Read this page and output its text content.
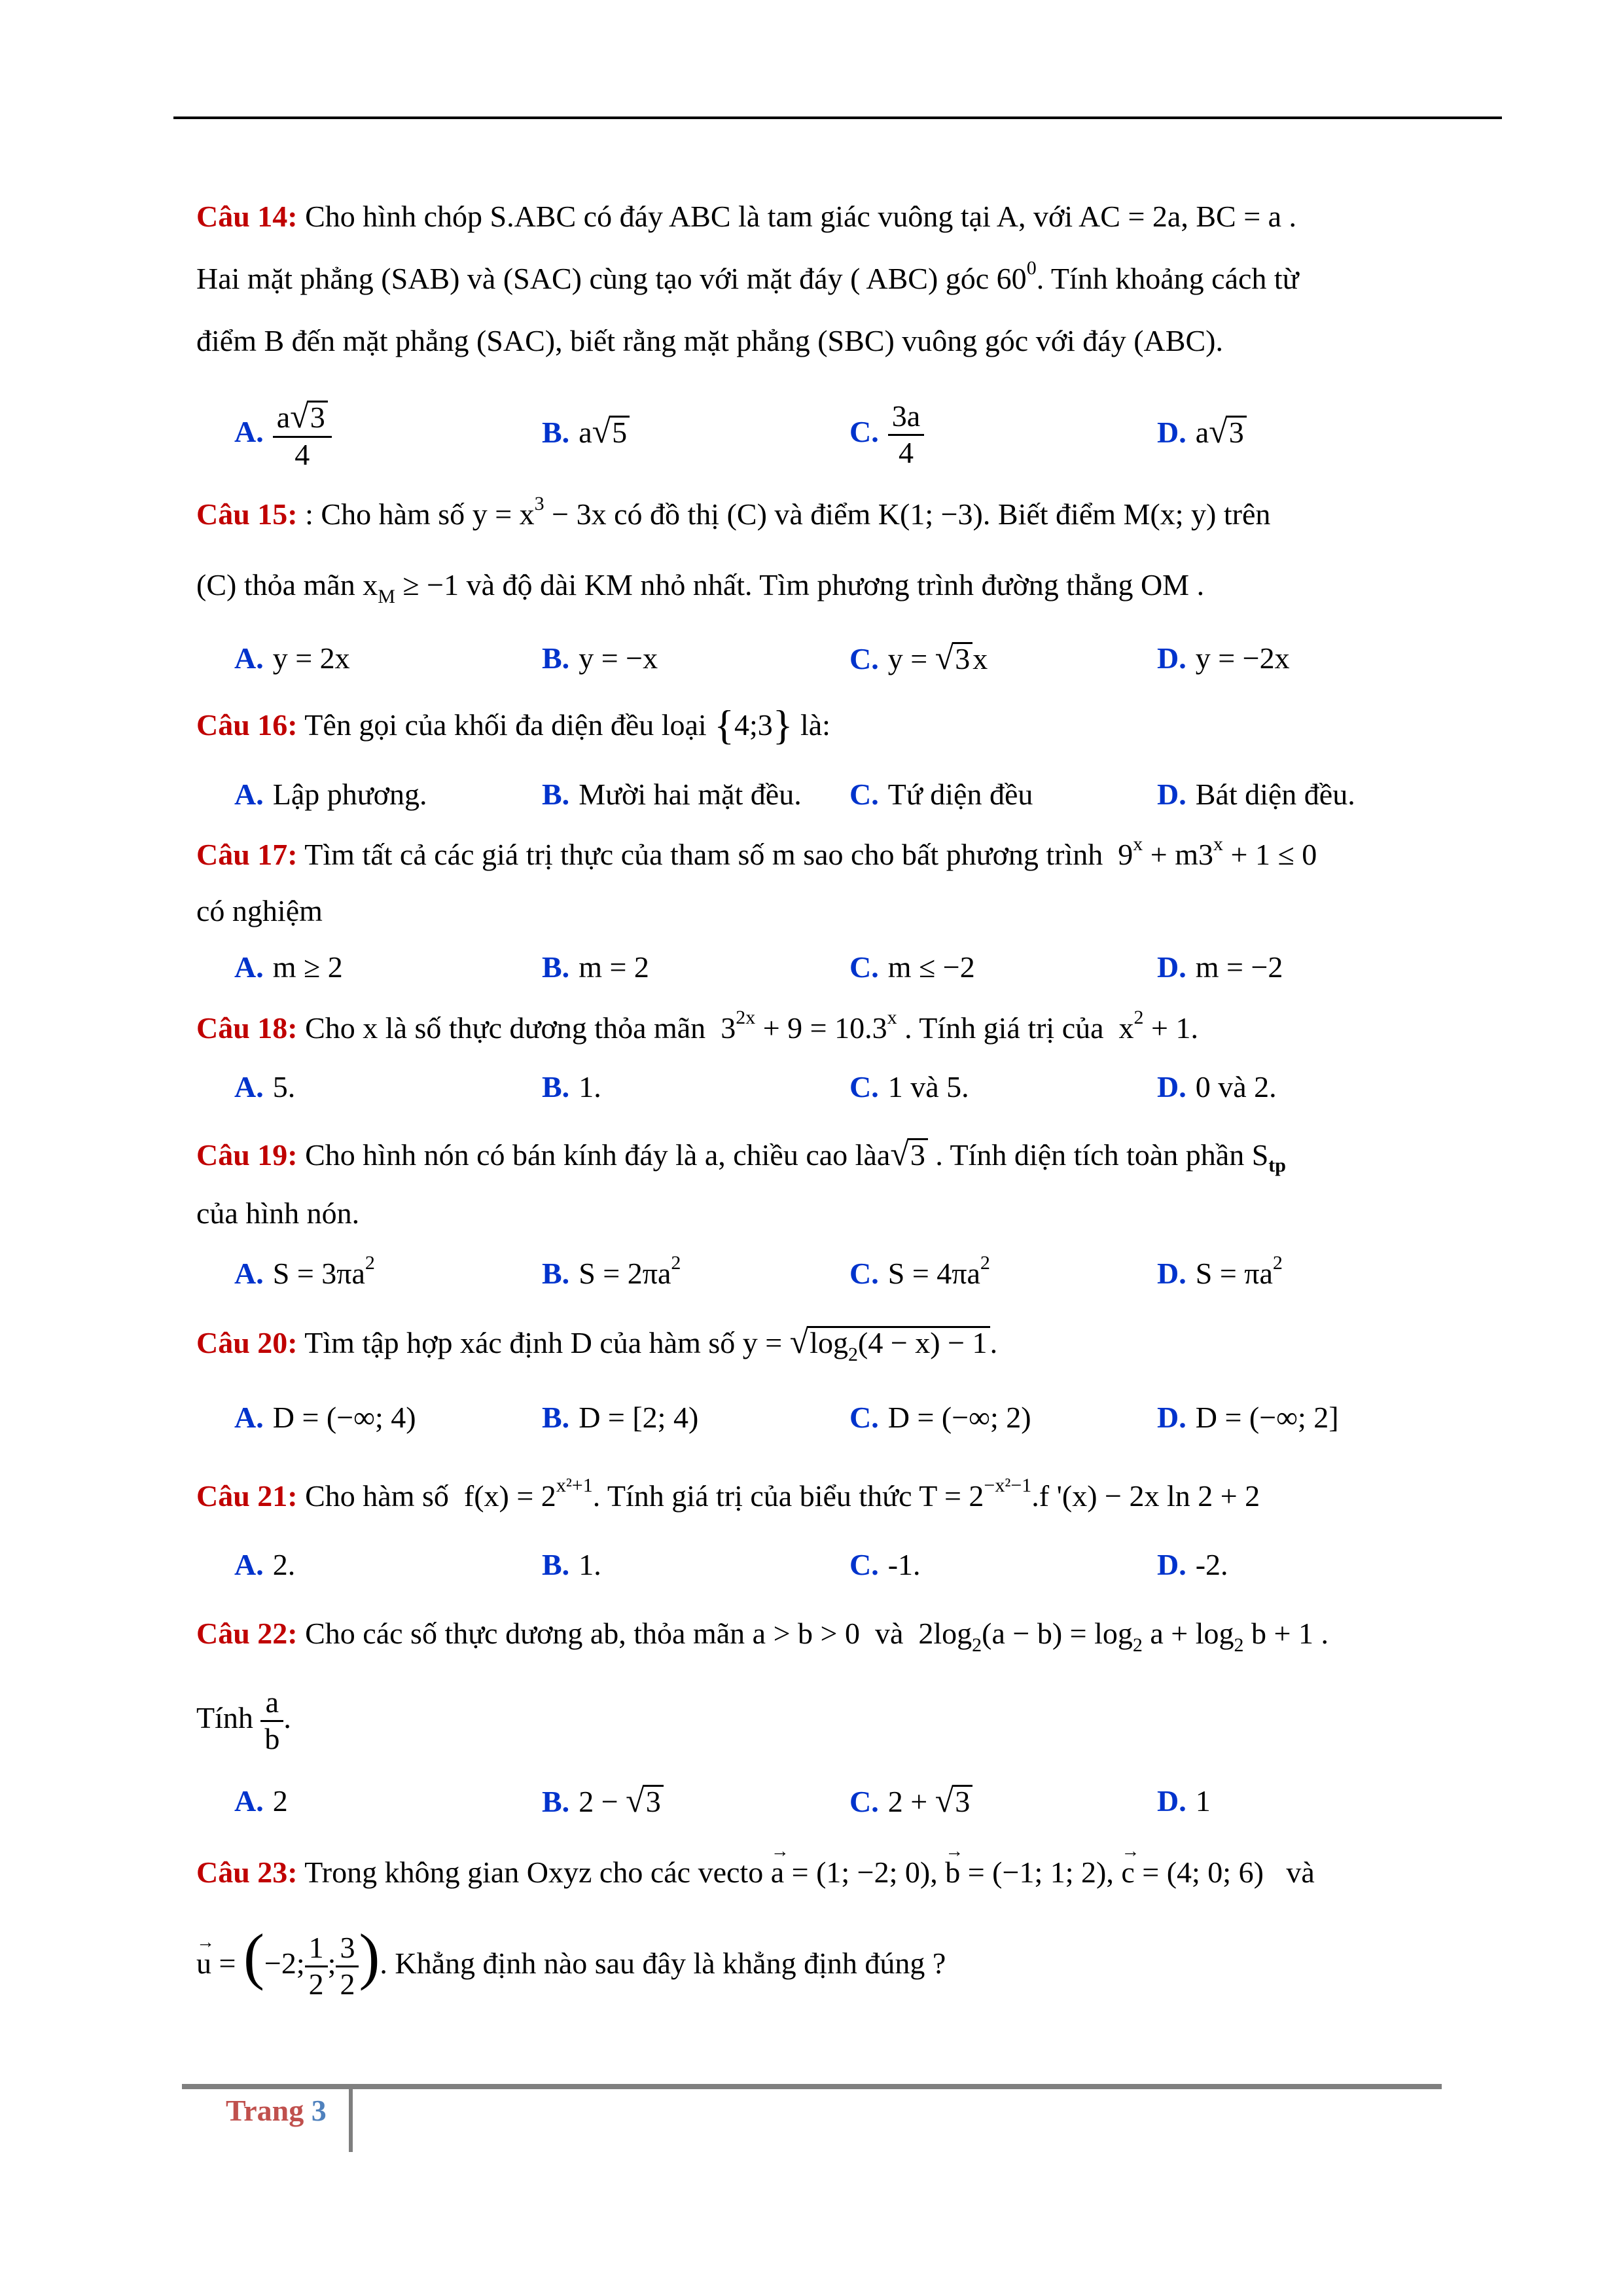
Câu 14: Cho hình chóp S.ABC có đáy ABC là tam giác vuông tại A, với AC = 2a, BC = a .
Hai mặt phẳng (SAB) và (SAC) cùng tạo với mặt đáy ( ABC) góc $60^0$. Tính khoảng cách từ
điểm B đến mặt phẳng (SAC), biết rằng mặt phẳng (SBC) vuông góc với đáy (ABC).
A. $\frac{a√3}{4}$	B. a√5	C. $\frac{3a}{4}$	D. a√3
Câu 15: : Cho hàm số $y = x^3 - 3x$ có đồ thị (C) và điểm K(1; −3). Biết điểm M(x; y) trên
(C) thỏa mãn $x_M \ge -1$ và độ dài KM nhỏ nhất. Tìm phương trình đường thẳng OM .
A. y = 2x	B. y = −x	C. y = √3x	D. y = −2x
Câu 16: Tên gọi của khối đa diện đều loại {4;3} là:
A. Lập phương.	B. Mười hai mặt đều. C. Tứ diện đều	D. Bát diện đều.
Câu 17: Tìm tất cả các giá trị thực của tham số m sao cho bất phương trình $9^x + m3^x + 1 \le 0$
có nghiệm
A. m ≥ 2	B. m = 2	C. m ≤ −2	D. m = −2
Câu 18: Cho x là số thực dương thỏa mãn $3^{2x} + 9 = 10.3^x$ . Tính giá trị của $x^2 + 1$.
A. 5.	B. 1.	C. 1 và 5.	D. 0 và 2.
Câu 19: Cho hình nón có bán kính đáy là a, chiều cao làa√3 . Tính diện tích toàn phần $S_{tp}$
của hình nón.
A. $S = 3\pi a^2$	B. $S = 2\pi a^2$	C. $S = 4\pi a^2$	D. $S = \pi a^2$
Câu 20: Tìm tập hợp xác định D của hàm số $y = √\log_2(4 - x) - 1$.
A. D = (−∞; 4)	B. D = [2; 4)	C. D = (−∞; 2)	D. D = (−∞; 2]
Câu 21: Cho hàm số $f(x) = 2^{x^2+1}$. Tính giá trị của biểu thức $T = 2^{-x^2-1}.f$ '(x) − 2x ln 2 + 2
A. 2.	B. 1.	C. -1.	D. -2.
Câu 22: Cho các số thực dương ab, thỏa mãn a > b > 0 và $2\log_2(a - b) = \log_2 a + \log_2 b + 1$ .
Tính $\frac{a}{b}$ .
A. 2	B. 2 − √3	C. 2 + √3	D. 1
Câu 23: Trong không gian Oxyz cho các vecto → a = (1; −2; 0), → b = (−1; 1; 2), → c = (4; 0; 6) và
→ u = (−2; $\frac{1}{2}$ ; $\frac{3}{2}$ ). Khẳng định nào sau đây là khẳng định đúng ?
Trang 3
